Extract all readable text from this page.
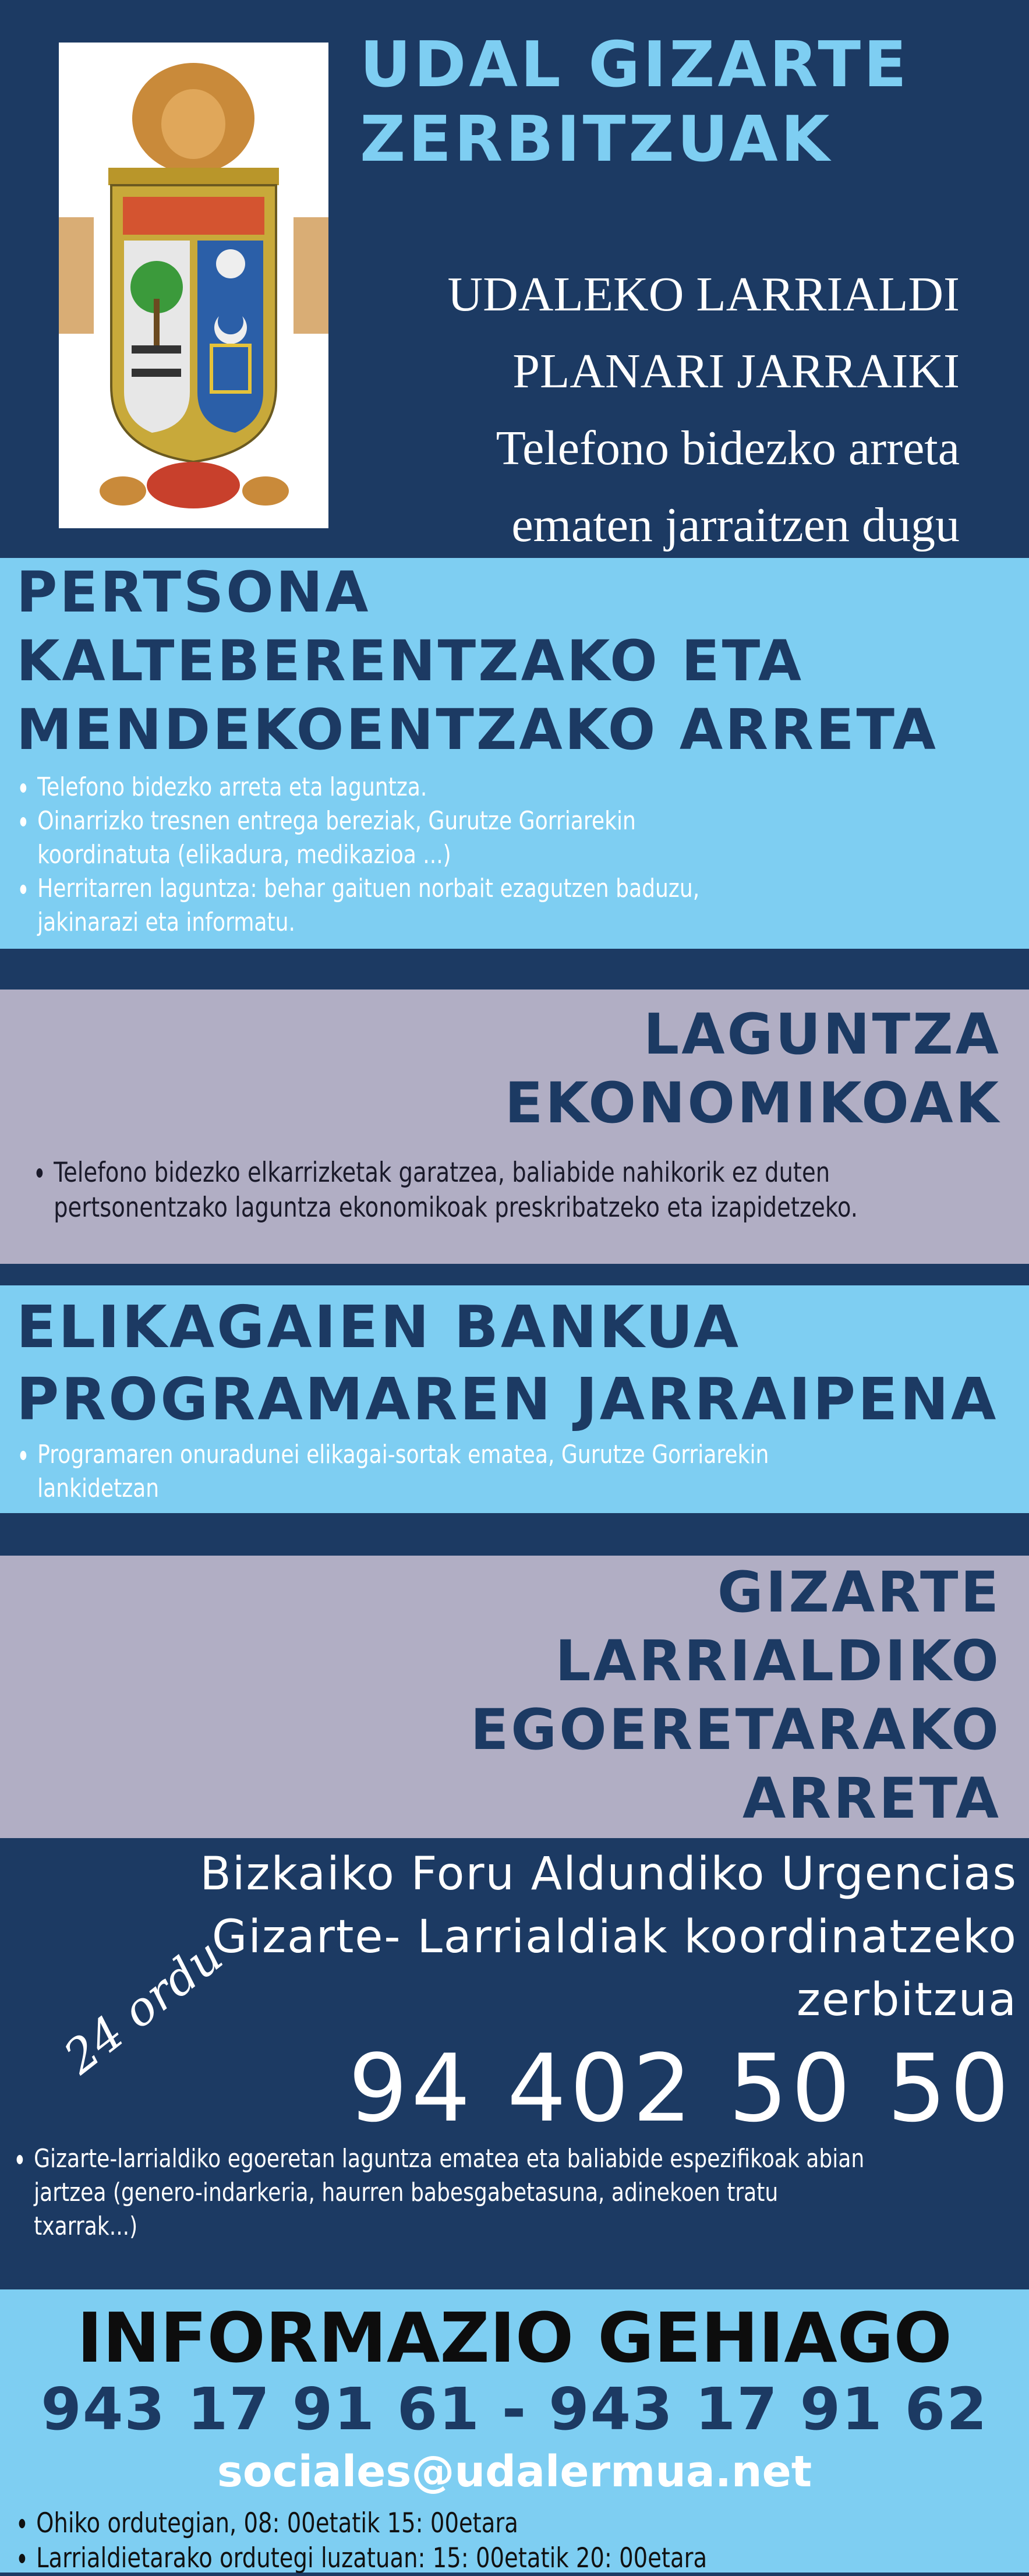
UDAL GIZARTE
ZERBITZUAK
UDALEKO LARRIALDI
PLANARI JARRAIKI
Telefono bidezko arreta
ematen jarraitzen dugu
PERTSONA
KALTEBERENTZAKO ETA
MENDEKOENTZAKO ARRETA
Telefono bidezko arreta eta laguntza.
Oinarrizko tresnen entrega bereziak, Gurutze Gorriarekin koordinatuta (elikadura, medikazioa ...)
Herritarren laguntza: behar gaituen norbait ezagutzen baduzu, jakinarazi eta informatu.
LAGUNTZA
EKONOMIKOAK
Telefono bidezko elkarrizketak garatzea, baliabide nahikorik ez duten pertsonentzako laguntza ekonomikoak preskribatzeko eta izapidetzeko.
ELIKAGAIEN BANKUA
PROGRAMAREN JARRAIPENA
Programaren onuradunei elikagai-sortak ematea, Gurutze Gorriarekin lankidetzan
GIZARTE
LARRIALDIKO
EGOERETARAKO
ARRETA
Bizkaiko Foru Aldundiko Urgencias
Gizarte- Larrialdiak koordinatzeko
zerbitzua
24 ordu
94 402 50 50
Gizarte-larrialdiko egoeretan laguntza ematea eta baliabide espezifikoak abian jartzea (genero-indarkeria, haurren babesgabetasuna, adinekoen tratu txarrak...)
INFORMAZIO GEHIAGO
943 17 91 61 - 943 17 91 62
sociales@udalermua.net
Ohiko ordutegian, 08: 00etatik 15: 00etara
Larrialdietarako ordutegi luzatuan: 15: 00etatik 20: 00etara
